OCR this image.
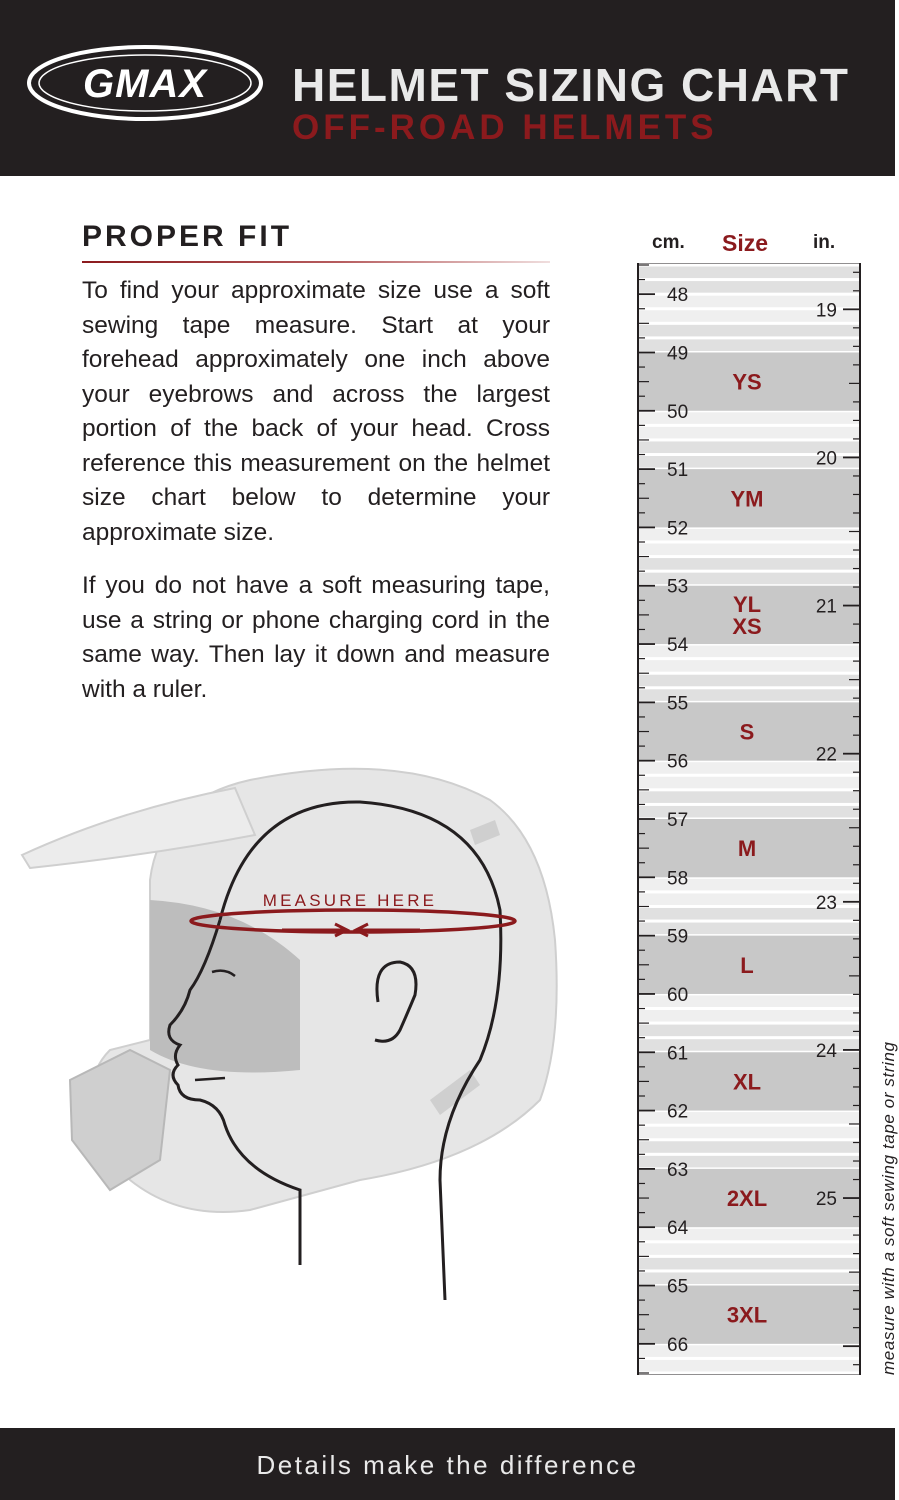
GMAX HELMET SIZING CHART
OFF-ROAD HELMETS
PROPER FIT

To find your approximate size use a soft sewing tape measure. Start at your forehead approximately one inch above your eyebrows and across the largest portion of the back of your head. Cross reference this measurement on the helmet size chart below to determine your approximate size.

If you do not have a soft measuring tape, use a string or phone charging cord in the same way. Then lay it down and measure with a ruler.

MEASURE HERE
cm. Size in.
YS
YM
YL
XS
S
M
L
XL
2XL
3XL
48
49
50
51
52
53
54
55
56
57
58
59
60
61
62
63
64
65
66
19
20
21
22
23
24
25 measure with a soft sewing tape or string
Details make the difference
